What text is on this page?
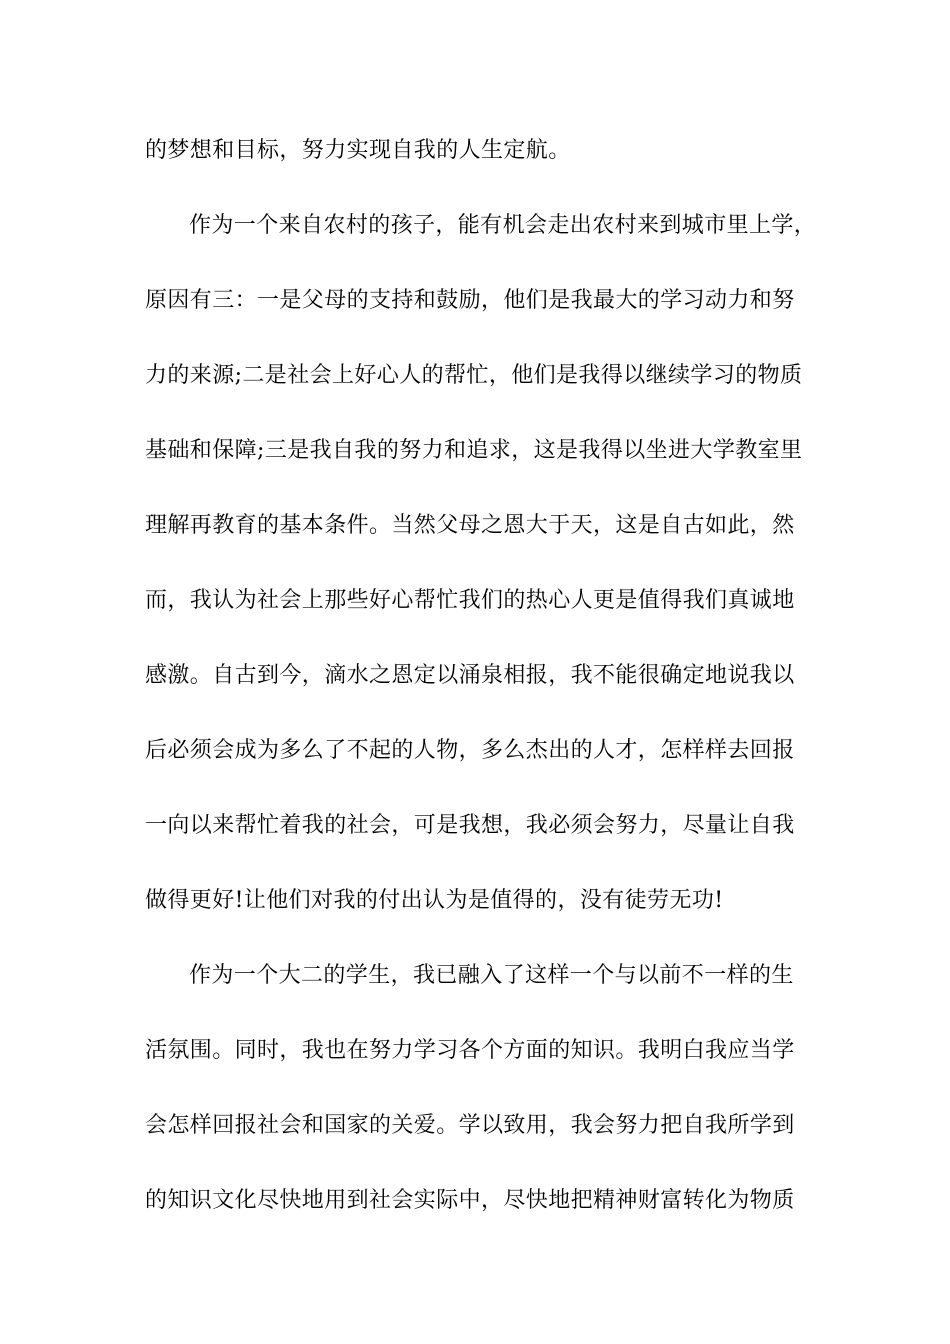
的梦想和目标，努力实现自我的人生定航。
作为一个来自农村的孩子，能有机会走出农村来到城市里上学，
原因有三：一是父母的支持和鼓励，他们是我最大的学习动力和努
力的来源;二是社会上好心人的帮忙，他们是我得以继续学习的物质
基础和保障;三是我自我的努力和追求，这是我得以坐进大学教室里
理解再教育的基本条件。当然父母之恩大于天，这是自古如此，然
而，我认为社会上那些好心帮忙我们的热心人更是值得我们真诚地
感激。自古到今，滴水之恩定以涌泉相报，我不能很确定地说我以
后必须会成为多么了不起的人物，多么杰出的人才，怎样样去回报
一向以来帮忙着我的社会，可是我想，我必须会努力，尽量让自我
做得更好!让他们对我的付出认为是值得的，没有徒劳无功!
作为一个大二的学生，我已融入了这样一个与以前不一样的生
活氛围。同时，我也在努力学习各个方面的知识。我明白我应当学
会怎样回报社会和国家的关爱。学以致用，我会努力把自我所学到
的知识文化尽快地用到社会实际中，尽快地把精神财富转化为物质
